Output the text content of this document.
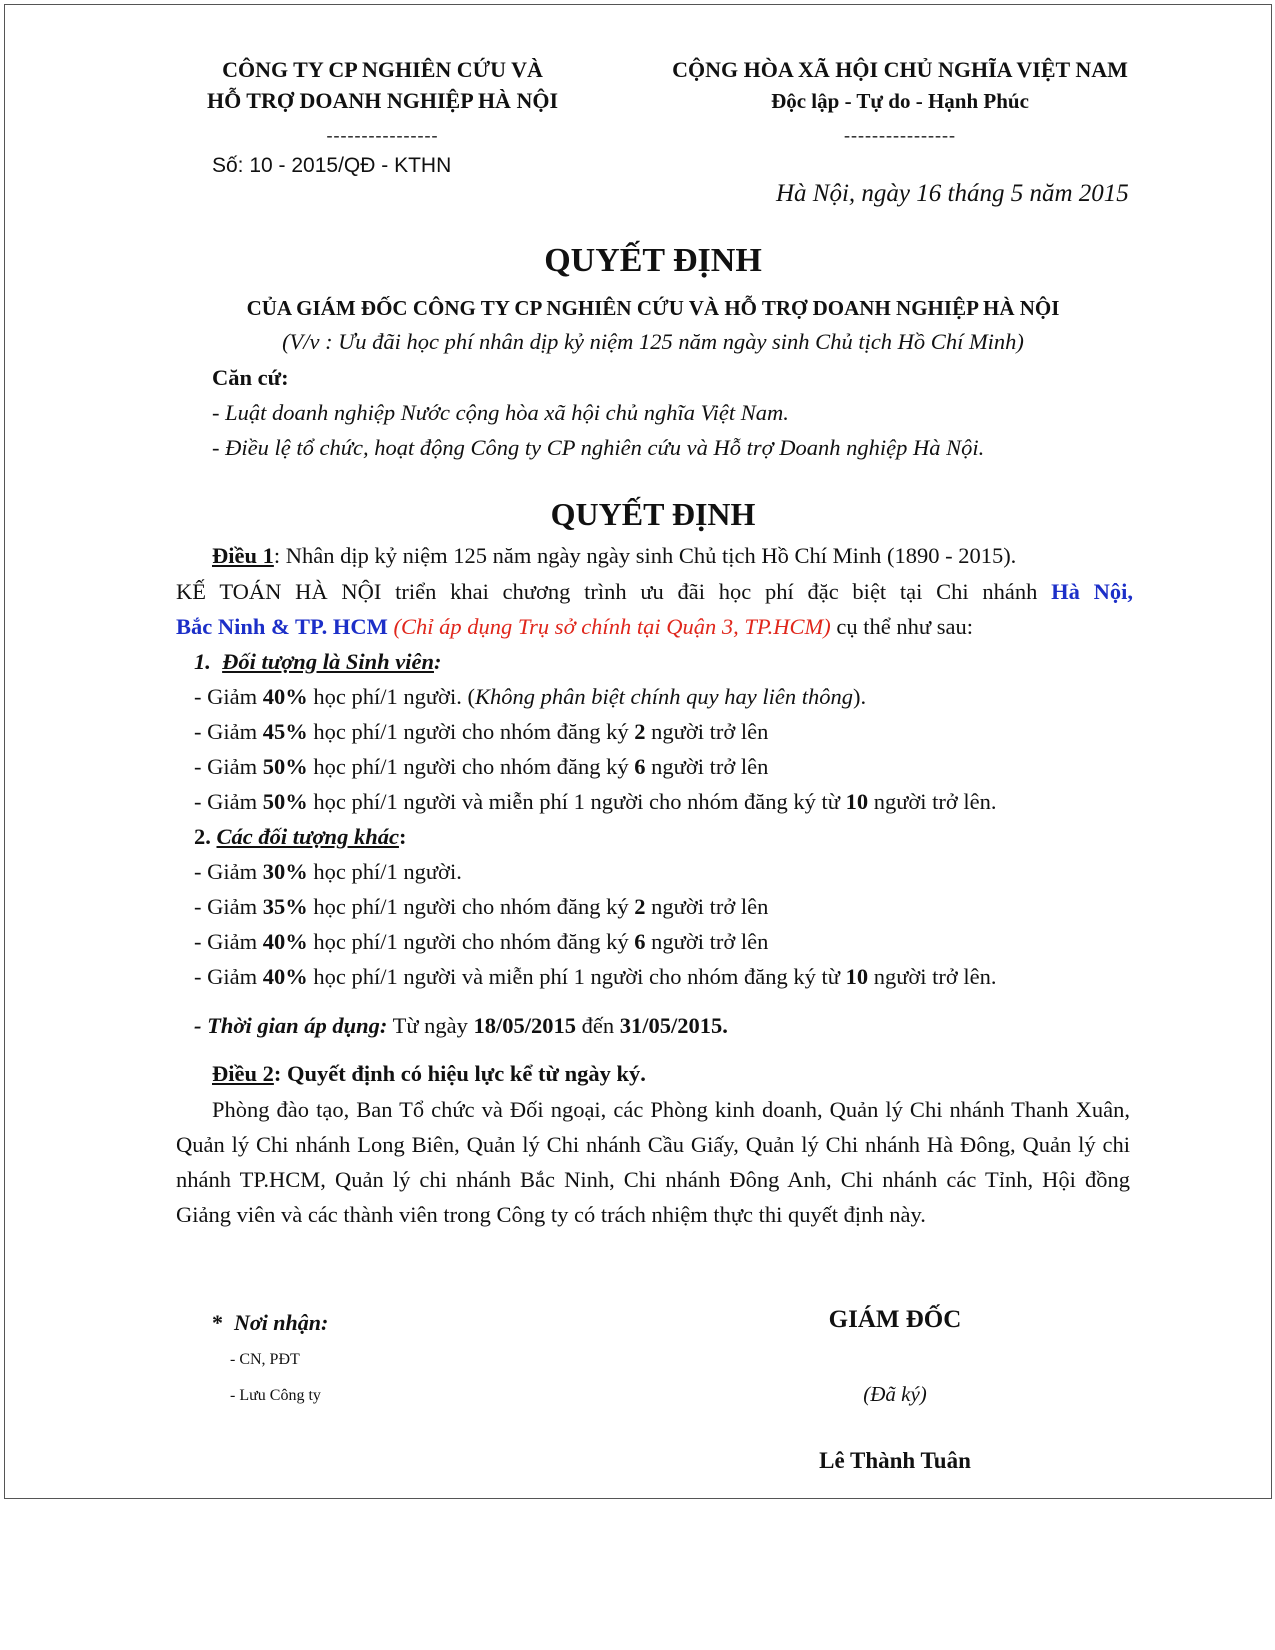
CÔNG TY CP NGHIÊN CỨU VÀ
HỖ TRỢ DOANH NGHIỆP HÀ NỘI
----------------
Số: 10 - 2015/QĐ - KTHN
CỘNG HÒA XÃ HỘI CHỦ NGHĨA VIỆT NAM
Độc lập - Tự do - Hạnh Phúc
----------------
Hà Nội, ngày 16 tháng 5 năm 2015
QUYẾT ĐỊNH
CỦA GIÁM ĐỐC CÔNG TY CP NGHIÊN CỨU VÀ HỖ TRỢ DOANH NGHIỆP HÀ NỘI
(V/v : Ưu đãi học phí nhân dịp kỷ niệm 125 năm ngày sinh Chủ tịch Hồ Chí Minh)
Căn cứ:
- Luật doanh nghiệp Nước cộng hòa xã hội chủ nghĩa Việt Nam.
- Điều lệ tổ chức, hoạt động Công ty CP nghiên cứu và Hỗ trợ Doanh nghiệp Hà Nội.
QUYẾT ĐỊNH
Điều 1: Nhân dịp kỷ niệm 125 năm ngày ngày sinh Chủ tịch Hồ Chí Minh (1890 - 2015).
KẾ TOÁN HÀ NỘI triển khai chương trình ưu đãi học phí đặc biệt tại Chi nhánh Hà Nội,
Bắc Ninh & TP. HCM (Chỉ áp dụng Trụ sở chính tại Quận 3, TP.HCM) cụ thể như sau:
1. Đối tượng là Sinh viên:
- Giảm 40% học phí/1 người. (Không phân biệt chính quy hay liên thông).
- Giảm 45% học phí/1 người cho nhóm đăng ký 2 người trở lên
- Giảm 50% học phí/1 người cho nhóm đăng ký 6 người trở lên
- Giảm 50% học phí/1 người và miễn phí 1 người cho nhóm đăng ký từ 10 người trở lên.
2. Các đối tượng khác:
- Giảm 30% học phí/1 người.
- Giảm 35% học phí/1 người cho nhóm đăng ký 2 người trở lên
- Giảm 40% học phí/1 người cho nhóm đăng ký 6 người trở lên
- Giảm 40% học phí/1 người và miễn phí 1 người cho nhóm đăng ký từ 10 người trở lên.
- Thời gian áp dụng: Từ ngày 18/05/2015 đến 31/05/2015.
Điều 2: Quyết định có hiệu lực kể từ ngày ký.
Phòng đào tạo, Ban Tổ chức và Đối ngoại, các Phòng kinh doanh, Quản lý Chi nhánh Thanh Xuân, Quản lý Chi nhánh Long Biên, Quản lý Chi nhánh Cầu Giấy, Quản lý Chi nhánh Hà Đông, Quản lý chi nhánh TP.HCM, Quản lý chi nhánh Bắc Ninh, Chi nhánh Đông Anh, Chi nhánh các Tỉnh, Hội đồng Giảng viên và các thành viên trong Công ty có trách nhiệm thực thi quyết định này.
* Nơi nhận:
- CN, PĐT
- Lưu Công ty
GIÁM ĐỐC
(Đã ký)
Lê Thành Tuân
